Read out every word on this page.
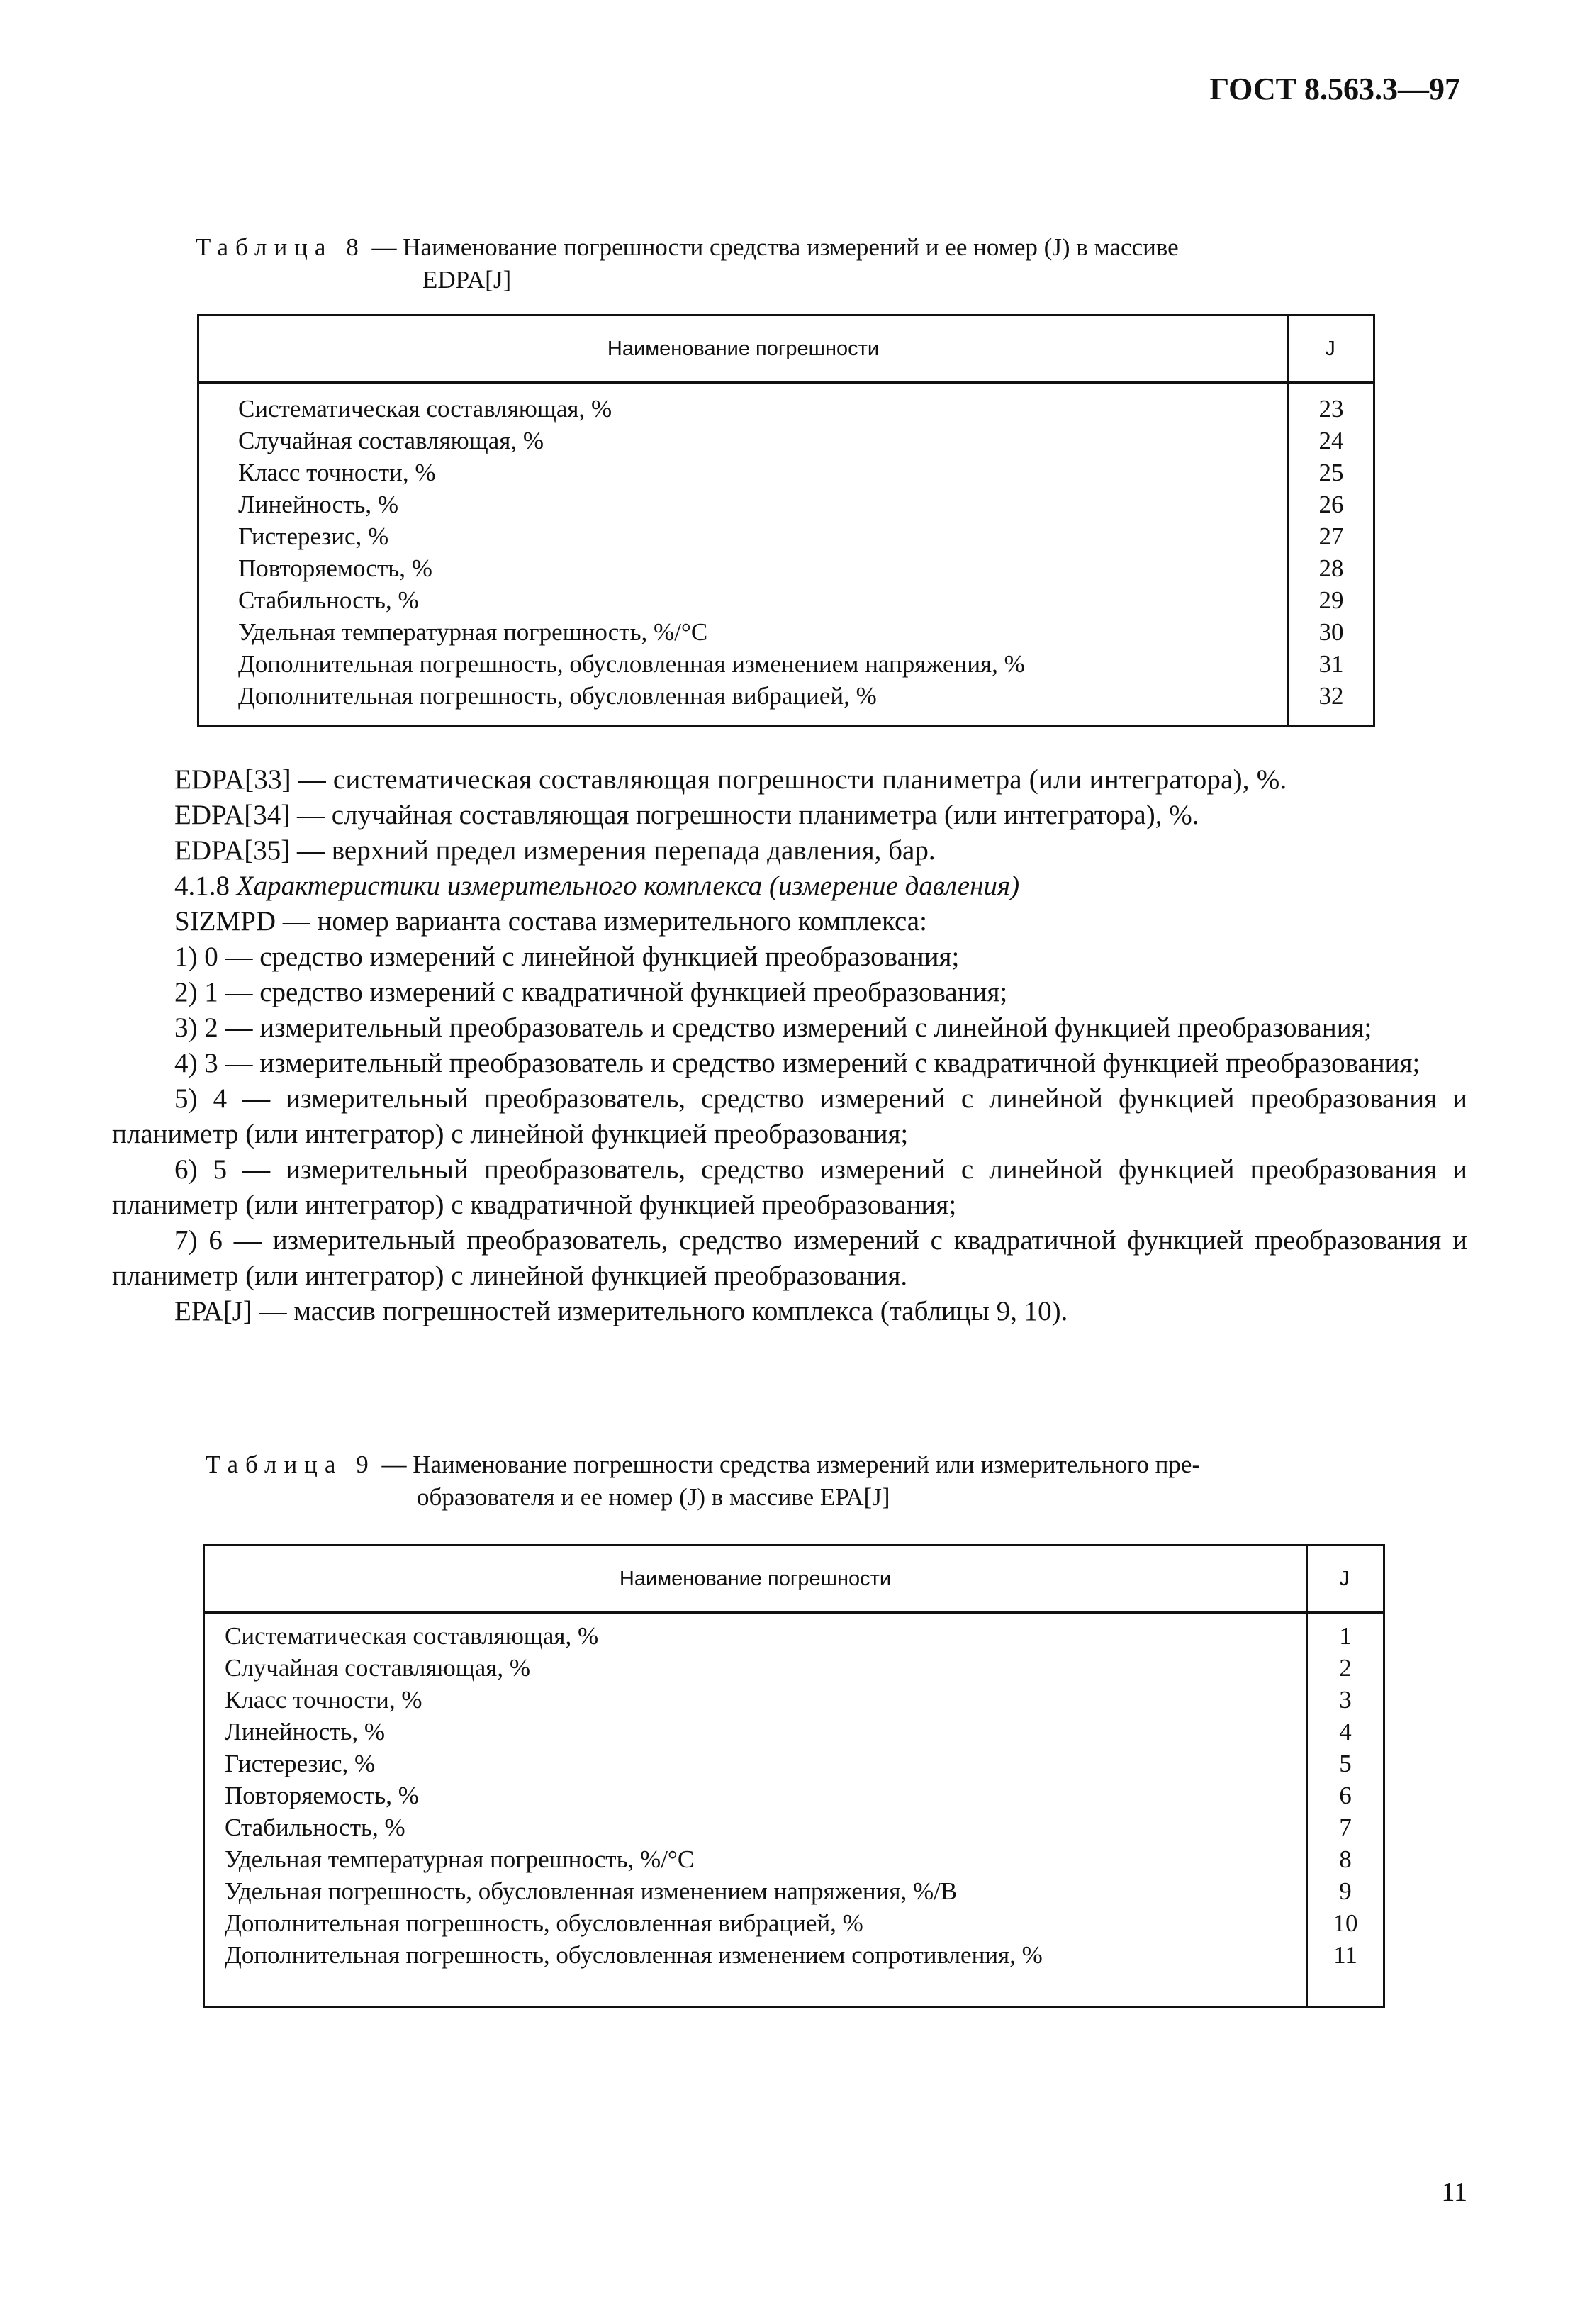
ГОСТ 8.563.3—97
Таблица 8 — Наименование погрешности средства измерений и ее номер (J) в массиве
EDPA[J]
Наименование погрешности	J
Систематическая составляющая, %	23
Случайная составляющая, %	24
Класс точности, %	25
Линейность, %	26
Гистерезис, %	27
Повторяемость, %	28
Стабильность, %	29
Удельная температурная погрешность, %/°С	30
Дополнительная погрешность, обусловленная изменением напряжения, %	31
Дополнительная погрешность, обусловленная вибрацией, %	32

EDPA[33] — систематическая составляющая погрешности планиметра (или интегратора), %.

EDPA[34] — случайная составляющая погрешности планиметра (или интегратора), %.

EDPA[35] — верхний предел измерения перепада давления, бар.

4.1.8 Характеристики измерительного комплекса (измерение давления)

SIZMPD — номер варианта состава измерительного комплекса:

1) 0 — средство измерений с линейной функцией преобразования;

2) 1 — средство измерений с квадратичной функцией преобразования;

3) 2 — измерительный преобразователь и средство измерений с линейной функцией преобразования;

4) 3 — измерительный преобразователь и средство измерений с квадратичной функцией преобразования;

5) 4 — измерительный преобразователь, средство измерений с линейной функцией преобразования и планиметр (или интегратор) с линейной функцией преобразования;

6) 5 — измерительный преобразователь, средство измерений с линейной функцией преобразования и планиметр (или интегратор) с квадратичной функцией преобразования;

7) 6 — измерительный преобразователь, средство измерений с квадратичной функцией преобразования и планиметр (или интегратор) с линейной функцией преобразования.

ЕРА[J] — массив погрешностей измерительного комплекса (таблицы 9, 10).

Таблица 9 — Наименование погрешности средства измерений или измерительного пре-
образователя и ее номер (J) в массиве ЕРА[J]
Наименование погрешности	J
Систематическая составляющая, %	1
Случайная составляющая, %	2
Класс точности, %	3
Линейность, %	4
Гистерезис, %	5
Повторяемость, %	6
Стабильность, %	7
Удельная температурная погрешность, %/°С	8
Удельная погрешность, обусловленная изменением напряжения, %/В	9
Дополнительная погрешность, обусловленная вибрацией, %	10
Дополнительная погрешность, обусловленная изменением сопротивления, %	11
11
